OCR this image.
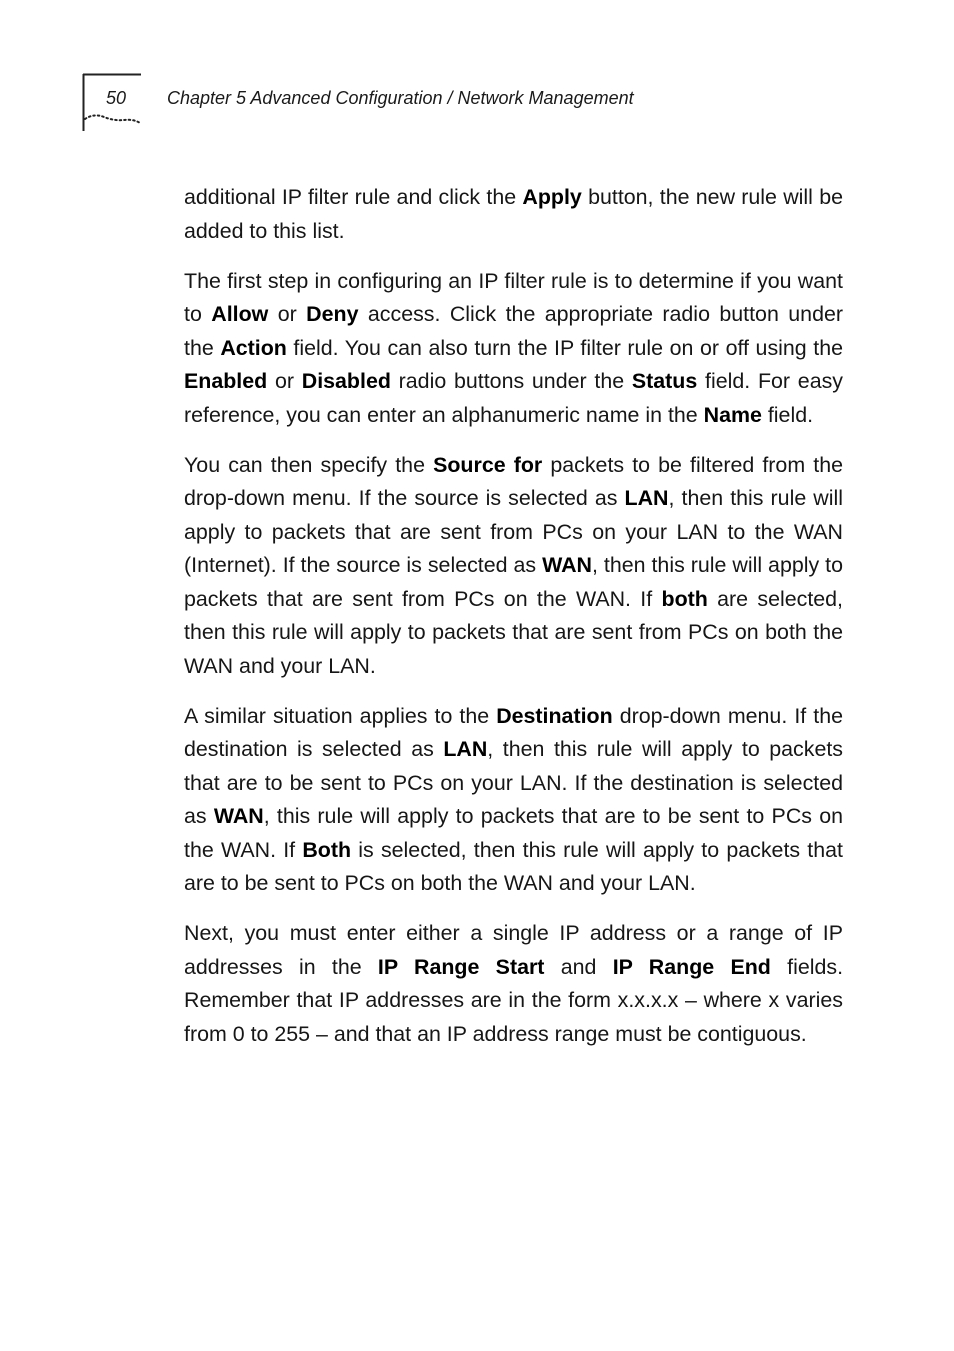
50 Chapter 5 Advanced Configuration / Network Management

additional IP filter rule and click the Apply button, the new rule will be added to this list.

The first step in configuring an IP filter rule is to determine if you want to Allow or Deny access. Click the appropriate radio button under the Action field. You can also turn the IP filter rule on or off using the Enabled or Disabled radio buttons under the Status field. For easy reference, you can enter an alphanumeric name in the Name field.

You can then specify the Source for packets to be filtered from the drop-down menu. If the source is selected as LAN, then this rule will apply to packets that are sent from PCs on your LAN to the WAN (Internet). If the source is selected as WAN, then this rule will apply to packets that are sent from PCs on the WAN. If both are selected, then this rule will apply to packets that are sent from PCs on both the WAN and your LAN.

A similar situation applies to the Destination drop-down menu. If the destination is selected as LAN, then this rule will apply to packets that are to be sent to PCs on your LAN. If the destination is selected as WAN, this rule will apply to packets that are to be sent to PCs on the WAN. If Both is selected, then this rule will apply to packets that are to be sent to PCs on both the WAN and your LAN.

Next, you must enter either a single IP address or a range of IP addresses in the IP Range Start and IP Range End fields. Remember that IP addresses are in the form x.x.x.x – where x varies from 0 to 255 – and that an IP address range must be contiguous.
